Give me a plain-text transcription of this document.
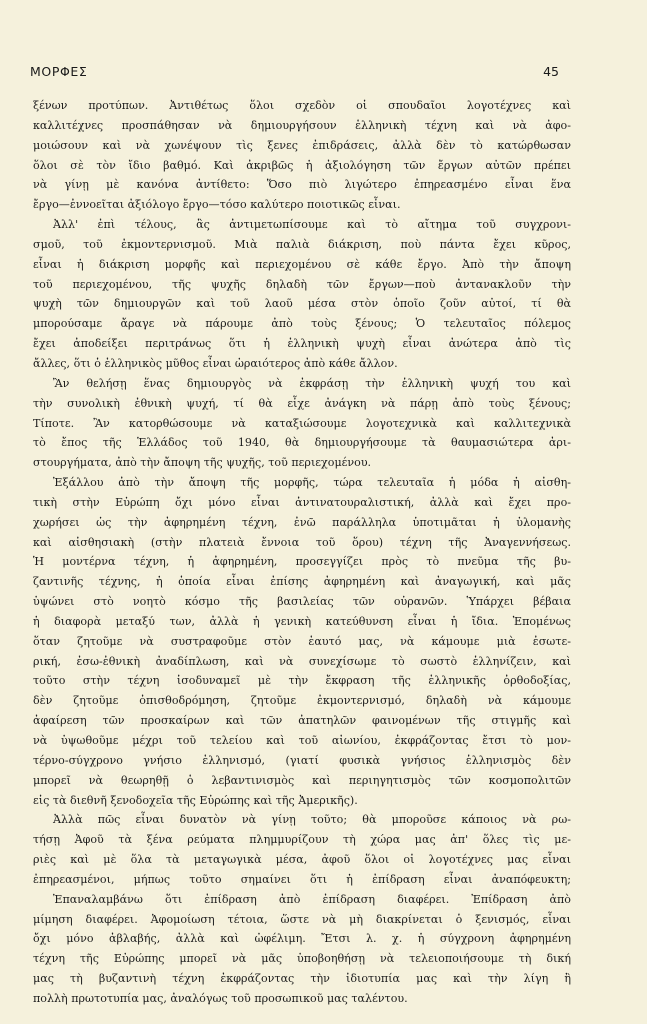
ΜΟΡΦΕΣ	45
ξένων προτύπων. Ἀντιθέτως ὅλοι σχεδὸν οἱ σπουδαῖοι λογοτέχνες καὶ
καλλιτέχνες προσπάθησαν νὰ δημιουργήσουν ἑλληνικὴ τέχνη καὶ νὰ ἀφο-
μοιώσουν καὶ νὰ χωνέψουν τὶς ξενες ἐπιδράσεις, ἀλλὰ δὲν τὸ κατώρθωσαν
ὅλοι σὲ τὸν ἴδιο βαθμό. Καὶ ἀκριβῶς ἡ ἀξιολόγηση τῶν ἔργων αὐτῶν πρέπει
νὰ γίνῃ μὲ κανόνα ἀντίθετο: Ὅσο πιὸ λιγώτερο ἐπηρεασμένο εἶναι ἕνα
ἔργο—ἐννοεῖται ἀξιόλογο ἔργο—τόσο καλύτερο ποιοτικῶς εἶναι.
Ἀλλ' ἐπὶ τέλους, ἂς ἀντιμετωπίσουμε καὶ τὸ αἴτημα τοῦ συγχρονι-
σμοῦ, τοῦ ἐκμοντερνισμοῦ. Μιὰ παλιὰ διάκριση, ποὺ πάντα ἔχει κῦρος,
εἶναι ἡ διάκριση μορφῆς καὶ περιεχομένου σὲ κάθε ἔργο. Ἀπὸ τὴν ἄποψη
τοῦ περιεχομένου, τῆς ψυχῆς δηλαδὴ τῶν ἔργων—ποὺ ἀντανακλοῦν τὴν
ψυχὴ τῶν δημιουργῶν καὶ τοῦ λαοῦ μέσα στὸν ὁποῖο ζοῦν αὐτοί, τί θὰ
μπορούσαμε ἄραγε νὰ πάρουμε ἀπὸ τοὺς ξένους; Ὁ τελευταῖος πόλεμος
ἔχει ἀποδείξει περιτράνως ὅτι ἡ ἑλληνικὴ ψυχὴ εἶναι ἀνώτερα ἀπὸ τὶς
ἄλλες, ὅτι ὁ ἑλληνικὸς μῦθος εἶναι ὡραιότερος ἀπὸ κάθε ἄλλον.
Ἂν θελήσῃ ἕνας δημιουργὸς νὰ ἐκφράσῃ τὴν ἑλληνικὴ ψυχή του καὶ
τὴν συνολικὴ ἐθνικὴ ψυχή, τί θὰ εἶχε ἀνάγκη νὰ πάρῃ ἀπὸ τοὺς ξένους;
Τίποτε. Ἂν κατορθώσουμε νὰ καταξιώσουμε λογοτεχνικὰ καὶ καλλιτεχνικὰ
τὸ ἔπος τῆς Ἑλλάδος τοῦ 1940, θὰ δημιουργήσουμε τὰ θαυμασιώτερα ἀρι-
στουργήματα, ἀπὸ τὴν ἄποψη τῆς ψυχῆς, τοῦ περιεχομένου.
Ἐξάλλου ἀπὸ τὴν ἄποψη τῆς μορφῆς, τώρα τελευταῖα ἡ μόδα ἡ αἰσθη-
τικὴ στὴν Εὐρώπη ὄχι μόνο εἶναι ἀντινατουραλιστική, ἀλλὰ καὶ ἔχει προ-
χωρήσει ὡς τὴν ἀφηρημένη τέχνη, ἐνῶ παράλληλα ὑποτιμᾶται ἡ ὑλομανὴς
καὶ αἰσθησιακὴ (στὴν πλατειὰ ἔννοια τοῦ ὅρου) τέχνη τῆς Ἀναγεννήσεως.
Ἡ μοντέρνα τέχνη, ἡ ἀφηρημένη, προσεγγίζει πρὸς τὸ πνεῦμα τῆς βυ-
ζαντινῆς τέχνης, ἡ ὁποία εἶναι ἐπίσης ἀφηρημένη καὶ ἀναγωγική, καὶ μᾶς
ὑψώνει στὸ νοητὸ κόσμο τῆς βασιλείας τῶν οὐρανῶν. Ὑπάρχει βέβαια
ἡ διαφορὰ μεταξύ των, ἀλλὰ ἡ γενικὴ κατεύθυνση εἶναι ἡ ἴδια. Ἑπομένως
ὅταν ζητοῦμε νὰ συστραφοῦμε στὸν ἑαυτό μας, νὰ κάμουμε μιὰ ἐσωτε-
ρική, ἐσω-ἐθνικὴ ἀναδίπλωση, καὶ νὰ συνεχίσωμε τὸ σωστὸ ἑλληνίζειν, καὶ
τοῦτο στὴν τέχνη ἰσοδυναμεῖ μὲ τὴν ἔκφραση τῆς ἑλληνικῆς ὀρθοδοξίας,
δὲν ζητοῦμε ὀπισθοδρόμηση, ζητοῦμε ἐκμοντερνισμό, δηλαδὴ νὰ κάμουμε
ἀφαίρεση τῶν προσκαίρων καὶ τῶν ἀπατηλῶν φαινομένων τῆς στιγμῆς καὶ
νὰ ὑψωθοῦμε μέχρι τοῦ τελείου καὶ τοῦ αἰωνίου, ἐκφράζοντας ἔτσι τὸ μον-
τέρνο-σύγχρονο γνήσιο ἑλληνισμό, (γιατί φυσικὰ γνήσιος ἑλληνισμὸς δὲν
μπορεῖ νὰ θεωρηθῇ ὁ λεβαντινισμὸς καὶ περιηγητισμὸς τῶν κοσμοπολιτῶν
εἰς τὰ διεθνῆ ξενοδοχεῖα τῆς Εὐρώπης καὶ τῆς Ἀμερικῆς).
Ἀλλὰ πῶς εἶναι δυνατὸν νὰ γίνῃ τοῦτο; θὰ μποροῦσε κάποιος νὰ ρω-
τήσῃ Ἀφοῦ τὰ ξένα ρεύματα πλημμυρίζουν τὴ χώρα μας ἀπ' ὅλες τὶς με-
ριὲς καὶ μὲ ὅλα τὰ μεταγωγικὰ μέσα, ἀφοῦ ὅλοι οἱ λογοτέχνες μας εἶναι
ἐπηρεασμένοι, μήπως τοῦτο σημαίνει ὅτι ἡ ἐπίδραση εἶναι ἀναπόφευκτη;
Ἐπαναλαμβάνω ὅτι ἐπίδραση ἀπὸ ἐπίδραση διαφέρει. Ἐπίδραση ἀπὸ
μίμηση διαφέρει. Ἀφομοίωση τέτοια, ὥστε νὰ μὴ διακρίνεται ὁ ξενισμός, εἶναι
ὄχι μόνο ἀβλαβής, ἀλλὰ καὶ ὠφέλιμη. Ἔτσι λ. χ. ἡ σύγχρονη ἀφηρημένη
τέχνη τῆς Εὐρώπης μπορεῖ νὰ μᾶς ὑποβοηθήσῃ νὰ τελειοποιήσουμε τὴ δική
μας τὴ βυζαντινὴ τέχνη ἐκφράζοντας τὴν ἰδιοτυπία μας καὶ τὴν λίγη ἢ
πολλὴ πρωτοτυπία μας, ἀναλόγως τοῦ προσωπικοῦ μας ταλέντου.
